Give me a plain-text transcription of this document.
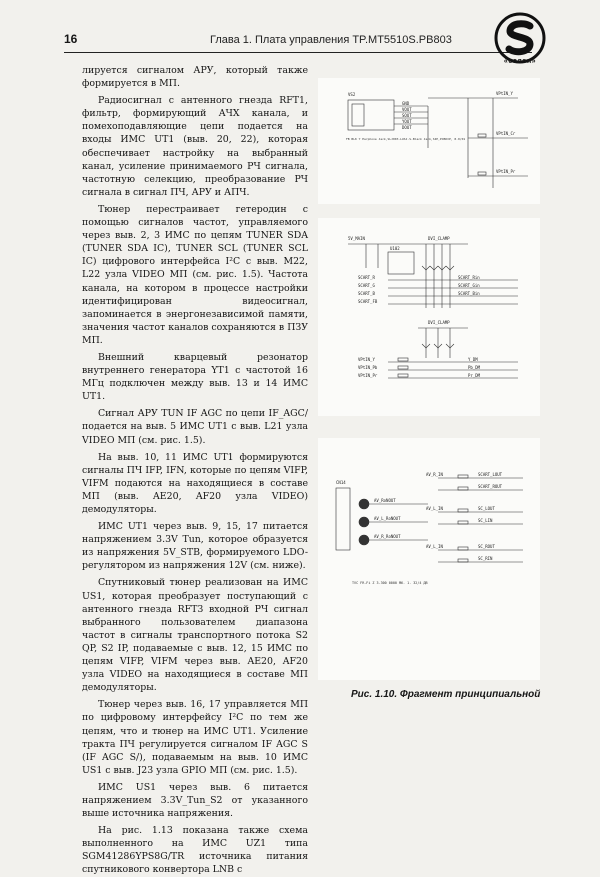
16	Глава 1. Плата управления TP.MT5510S.PB803
«солон»

лируется сигналом АРУ, который также формируется в МП.

Радиосигнал с антенного гнезда RFT1, фильтр, формирующий АЧХ канала, и помехоподавляющие цепи подается на входы ИМС UT1 (выв. 20, 22), которая обеспечивает настройку на выбранный канал, усиление принимаемого РЧ сигнала, частотную селекцию, преобразование РЧ сигнала в сигнал ПЧ, АРУ и АПЧ.

Тюнер перестраивает гетеродин с помощью сигналов частот, управляемого через выв. 2, 3 ИМС по цепям TUNER SDA (TUNER SDA IC), TUNER SCL (TUNER SCL IC) цифрового интерфейса I²C с выв. M22, L22 узла VIDEO МП (см. рис. 1.5). Частота канала, на котором в процессе настройки идентифицирован видеосигнал, запоминается в энергонезависимой памяти, значения частот каналов сохраняются в ПЗУ МП.

Внешний кварцевый резонатор внутреннего генератора YT1 с частотой 16 МГц подключен между выв. 13 и 14 ИМС UT1.

Сигнал АРУ TUN IF AGC по цепи IF_AGC/ подается на выв. 5 ИМС UT1 с выв. L21 узла VIDEO МП (см. рис. 1.5).

На выв. 10, 11 ИМС UT1 формируются сигналы ПЧ IFP, IFN, которые по цепям VIFP, VIFM подаются на находящиеся в составе МП (выв. AE20, AF20 узла VIDEO) демодуляторы.

ИМС UT1 через выв. 9, 15, 17 питается напряжением 3.3V Tun, которое образуется из напряжения 5V_STB, формируемого LDO-регулятором из напряжения 12V (см. ниже).

Спутниковый тюнер реализован на ИМС US1, которая преобразует поступающий с антенного гнезда RFT3 входной РЧ сигнал выбранного пользователем диапазона частот в сигналы транспортного потока S2 QP, S2 IP, подаваемые с выв. 12, 15 ИМС по цепям VIFP, VIFM через выв. AE20, AF20 узла VIDEO на находящиеся в составе МП демодуляторы.

Тюнер через выв. 16, 17 управляется МП по цифровому интерфейсу I²C по тем же цепям, что и тюнер на ИМС UT1. Усиление тракта ПЧ регулируется сигналом IF AGC S (IF AGC S/), подаваемым на выв. 10 ИМС US1 с выв. J23 узла GPIO МП (см. рис. 1.5).

ИМС US1 через выв. 6 питается напряжением 3.3V_Tun_S2 от указанного выше источника напряжения.

На рис. 1.13 показана также схема выполненного на ИМС UZ1 типа SGM41286YPS8G/TR источника питания спутникового конвертора LNB с

VS2
GND
VOUT
SOUT
YOUT
DOUT
FB BLK Y Earphone Jack,SLJ003-LUSJ-S-Black Jack,SIP,PCBDIP, 8.0/01
VPtIN_Y
VPtIN_Cr
VPtIN_Pr
5V_MAIN	DVI_CLAMP
U102
SCART_R
SCART_G
SCART_B
SCART_FB
SCART_Rin
SCART_Gin
SCART_Bin
DVI_CLAMP
VPtIN_Y
VPtIN_Pb
VPtIN_Pr
Y_DM
Pb_DM
Pr_DM
CN14
AV_RoNOUT
AV_L_RoNOUT
AV_R_RoNOUT
AV_R_IN
AV_L_IN
AV_L_IN
SCART_LOUT
SCART_ROUT
SC_LOUT
SC_LIN
SC_ROUT
SC_RIN
TVC FR-Fi Z 3.300 0000 Ф6. 1. З2/4 ДB
Рис. 1.10. Фрагмент принципиальной
